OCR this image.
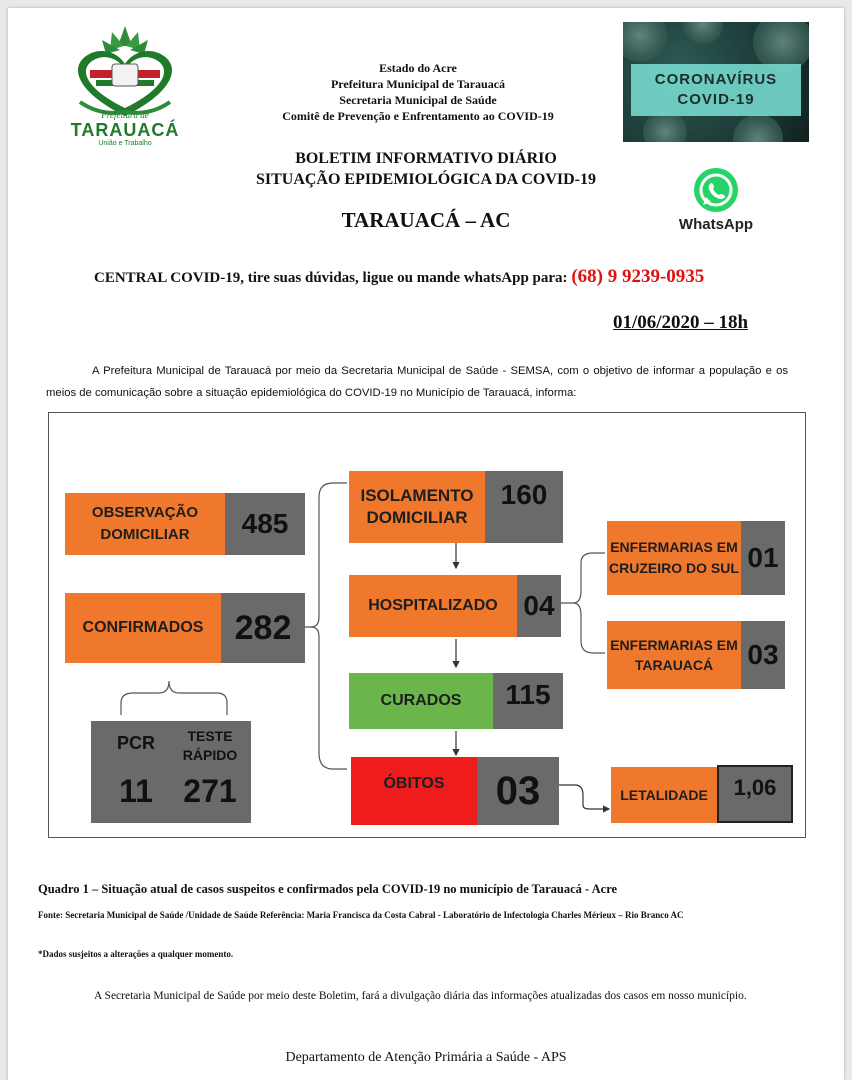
Prefeitura de
TARAUACÁ
União e Trabalho
Estado do Acre
Prefeitura Municipal de Tarauacá
Secretaria Municipal de Saúde
Comitê de Prevenção e Enfrentamento ao COVID-19
CORONAVÍRUS
COVID-19
BOLETIM INFORMATIVO DIÁRIO
SITUAÇÃO EPIDEMIOLÓGICA DA COVID-19
TARAUACÁ – AC	WhatsApp
CENTRAL COVID-19, tire suas dúvidas, ligue ou mande whatsApp para: (68) 9 9239-0935
01/06/2020 – 18h
A Prefeitura Municipal de Tarauacá por meio da Secretaria Municipal de Saúde - SEMSA, com o objetivo de informar a população e os meios de comunicação sobre a situação epidemiológica do COVID-19 no Município de Tarauacá, informa:
OBSERVAÇÃO DOMICILIAR	485
CONFIRMADOS 282
PCR	TESTE RÁPIDO
11 271
ISOLAMENTO DOMICILIAR
160
HOSPITALIZADO 04
CURADOS	115
ÓBITOS	03
ENFERMARIAS EM CRUZEIRO DO SUL 01
ENFERMARIAS EM TARAUACÁ	03
LETALIDADE	1,06
Quadro 1 – Situação atual de casos suspeitos e confirmados pela COVID-19 no município de Tarauacá - Acre
Fonte: Secretaria Municipal de Saúde /Unidade de Saúde Referência: Maria Francisca da Costa Cabral - Laboratório de Infectologia Charles Mérieux – Rio Branco AC
*Dados susjeitos a alterações a qualquer momento.
A Secretaria Municipal de Saúde por meio deste Boletim, fará a divulgação diária das informações atualizadas dos casos em nosso município.
Departamento de Atenção Primária a Saúde - APS
